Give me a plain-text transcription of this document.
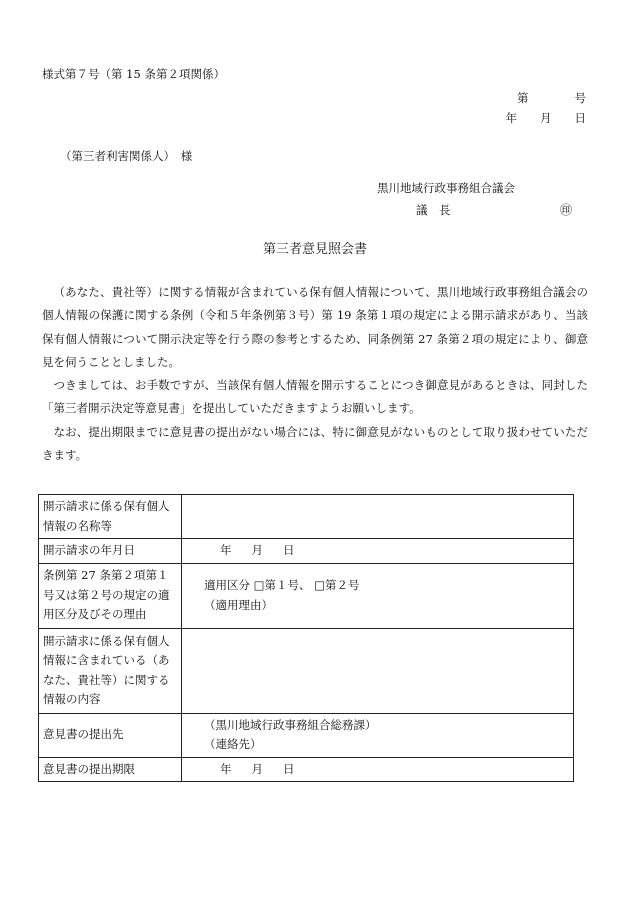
様式第７号（第 15 条第２項関係）
第　　　　号
年　　月　　日
（第三者利害関係人）　様
黒川地域行政事務組合議会
議　長	㊞
第三者意見照会書

（あなた、貴社等）に関する情報が含まれている保有個人情報について、黒川地域行政事務組合議会の個人情報の保護に関する条例（令和５年条例第３号）第 19 条第１項の規定による開示請求があり、当該保有個人情報について開示決定等を行う際の参考とするため、同条例第 27 条第２項の規定により、御意見を伺うこととしました。

つきましては、お手数ですが、当該保有個人情報を開示することにつき御意見があるときは、同封した「第三者開示決定等意見書」を提出していただきますようお願いします。

なお、提出期限までに意見書の提出がない場合には、特に御意見がないものとして取り扱わせていただきます。

開示請求に係る保有個人情報の名称等	
開示請求の年月日	年 月 日
条例第 27 条第２項第１号又は第２号の規定の適用区分及びその理由	適用区分 □第１号、 □第２号
（適用理由）

開示請求に係る保有個人情報に含まれている（あなた、貴社等）に関する情報の内容	
意見書の提出先	（黒川地域行政事務組合総務課）
（連絡先）

意見書の提出期限	年 月 日
